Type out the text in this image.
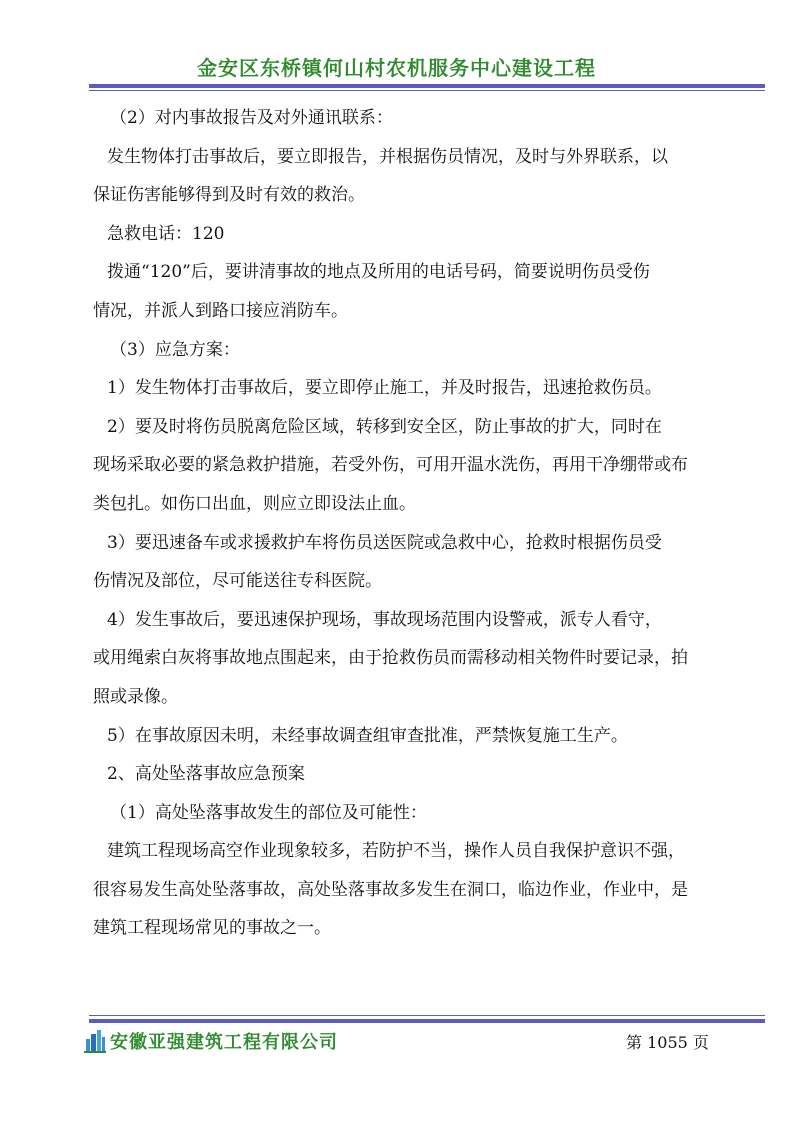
金安区东桥镇何山村农机服务中心建设工程
（2）对内事故报告及对外通讯联系：
发生物体打击事故后，要立即报告，并根据伤员情况，及时与外界联系，以
保证伤害能够得到及时有效的救治。
急救电话：120
拨通“120”后，要讲清事故的地点及所用的电话号码，简要说明伤员受伤
情况，并派人到路口接应消防车。
（3）应急方案：
1）发生物体打击事故后，要立即停止施工，并及时报告，迅速抢救伤员。
2）要及时将伤员脱离危险区域，转移到安全区，防止事故的扩大，同时在
现场采取必要的紧急救护措施，若受外伤，可用开温水洗伤，再用干净绷带或布
类包扎。如伤口出血，则应立即设法止血。
3）要迅速备车或求援救护车将伤员送医院或急救中心，抢救时根据伤员受
伤情况及部位，尽可能送往专科医院。
4）发生事故后，要迅速保护现场，事故现场范围内设警戒，派专人看守，
或用绳索白灰将事故地点围起来，由于抢救伤员而需移动相关物件时要记录，拍
照或录像。
5）在事故原因未明，未经事故调查组审查批准，严禁恢复施工生产。
2、高处坠落事故应急预案
（1）高处坠落事故发生的部位及可能性：
建筑工程现场高空作业现象较多，若防护不当，操作人员自我保护意识不强，
很容易发生高处坠落事故，高处坠落事故多发生在洞口，临边作业，作业中，是
建筑工程现场常见的事故之一。
安徽亚强建筑工程有限公司	第 1055 页
